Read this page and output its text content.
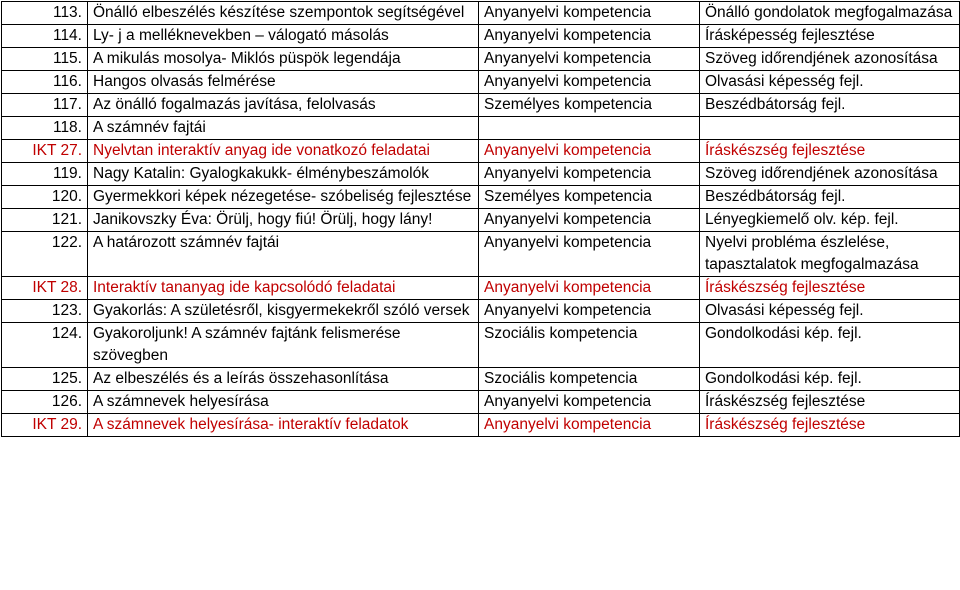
113.	Önálló elbeszélés készítése szempontok segítségével	Anyanyelvi kompetencia	Önálló gondolatok megfogalmazása
114.	Ly- j a melléknevekben – válogató másolás	Anyanyelvi kompetencia	Írásképesség fejlesztése
115.	A mikulás mosolya- Miklós püspök legendája	Anyanyelvi kompetencia	Szöveg időrendjének azonosítása
116.	Hangos olvasás felmérése	Anyanyelvi kompetencia	Olvasási képesség fejl.
117.	Az önálló fogalmazás javítása, felolvasás	Személyes kompetencia	Beszédbátorság fejl.
118.	A számnév fajtái		
IKT 27.	Nyelvtan interaktív anyag ide vonatkozó feladatai	Anyanyelvi kompetencia	Íráskészség fejlesztése
119.	Nagy Katalin: Gyalogkakukk- élménybeszámolók	Anyanyelvi kompetencia	Szöveg időrendjének azonosítása
120.	Gyermekkori képek nézegetése- szóbeliség fejlesztése	Személyes kompetencia	Beszédbátorság fejl.
121.	Janikovszky Éva: Örülj, hogy fiú! Örülj, hogy lány!	Anyanyelvi kompetencia	Lényegkiemelő olv. kép. fejl.
122.	A határozott számnév fajtái	Anyanyelvi kompetencia	Nyelvi probléma észlelése, tapasztalatok megfogalmazása
IKT 28.	Interaktív tananyag ide kapcsolódó feladatai	Anyanyelvi kompetencia	Íráskészség fejlesztése
123.	Gyakorlás: A születésről, kisgyermekekről szóló versek	Anyanyelvi kompetencia	Olvasási képesség fejl.
124.	Gyakoroljunk! A számnév fajtánk felismerése szövegben	Szociális kompetencia	Gondolkodási kép. fejl.
125.	Az elbeszélés és a leírás összehasonlítása	Szociális kompetencia	Gondolkodási kép. fejl.
126.	A számnevek helyesírása	Anyanyelvi kompetencia	Íráskészség fejlesztése
IKT 29.	A számnevek helyesírása- interaktív feladatok	Anyanyelvi kompetencia	Íráskészség fejlesztése
